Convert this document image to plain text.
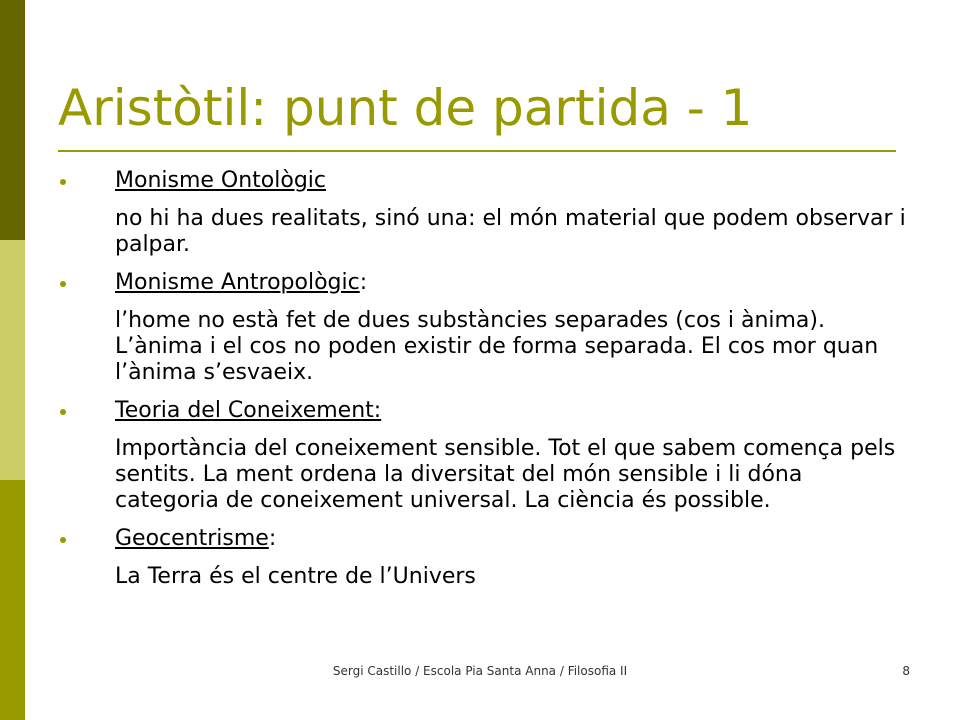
Aristòtil: punt de partida - 1
Monisme Ontològic
no hi ha dues realitats, sinó una: el món material que podem observar i palpar.
Monisme Antropològic:
l’home no està fet de dues substàncies separades (cos i ànima). L’ànima i el cos no poden existir de forma separada. El cos mor quan l’ànima s’esvaeix.
Teoria del Coneixement:
Importància del coneixement sensible. Tot el que sabem comença pels sentits. La ment ordena la diversitat del món sensible i li dóna categoria de coneixement universal. La ciència és possible.
Geocentrisme:
La Terra és el centre de l’Univers
Sergi Castillo / Escola Pia Santa Anna / Filosofia II	8
